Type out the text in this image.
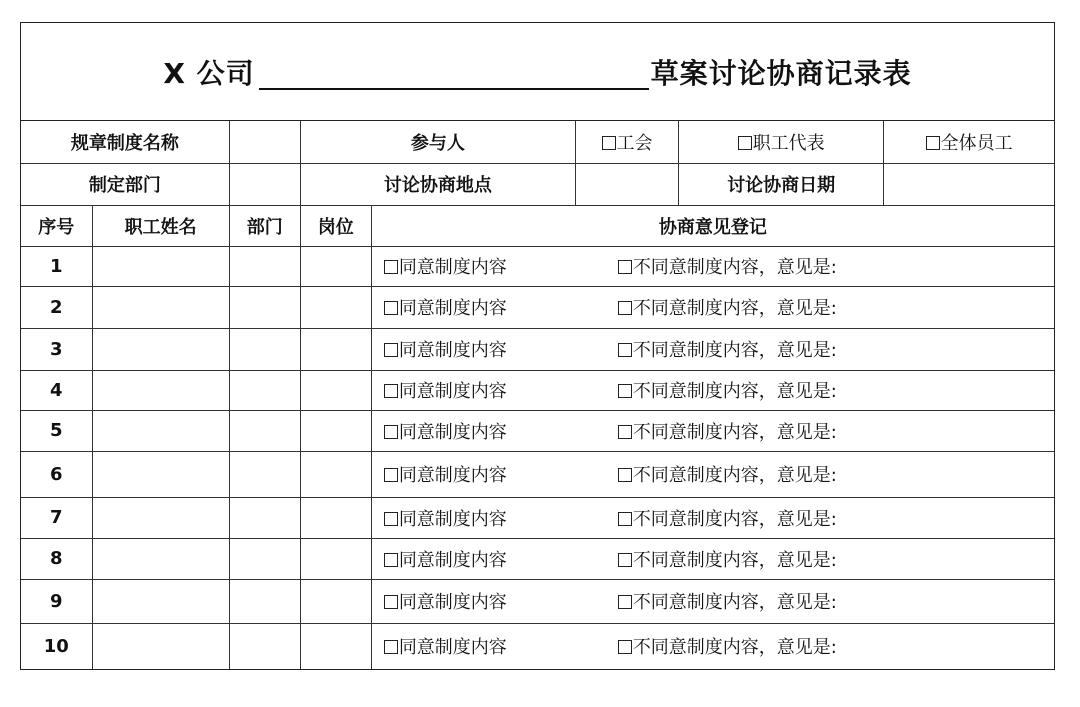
X 公司	草案讨论协商记录表
规章制度名称			参与人		工会	职工代表	全体员工
制定部门			讨论协商地点			讨论协商日期	
序号	职工姓名	部门	岗位	协商意见登记			
1				同意制度内容 不同意制度内容，意见是:			
2				同意制度内容 不同意制度内容，意见是:			
3				同意制度内容 不同意制度内容，意见是:			
4				同意制度内容 不同意制度内容，意见是:			
5				同意制度内容 不同意制度内容，意见是:			
6				同意制度内容 不同意制度内容，意见是:			
7				同意制度内容 不同意制度内容，意见是:			
8				同意制度内容 不同意制度内容，意见是:			
9				同意制度内容 不同意制度内容，意见是:			
10				同意制度内容 不同意制度内容，意见是:			
